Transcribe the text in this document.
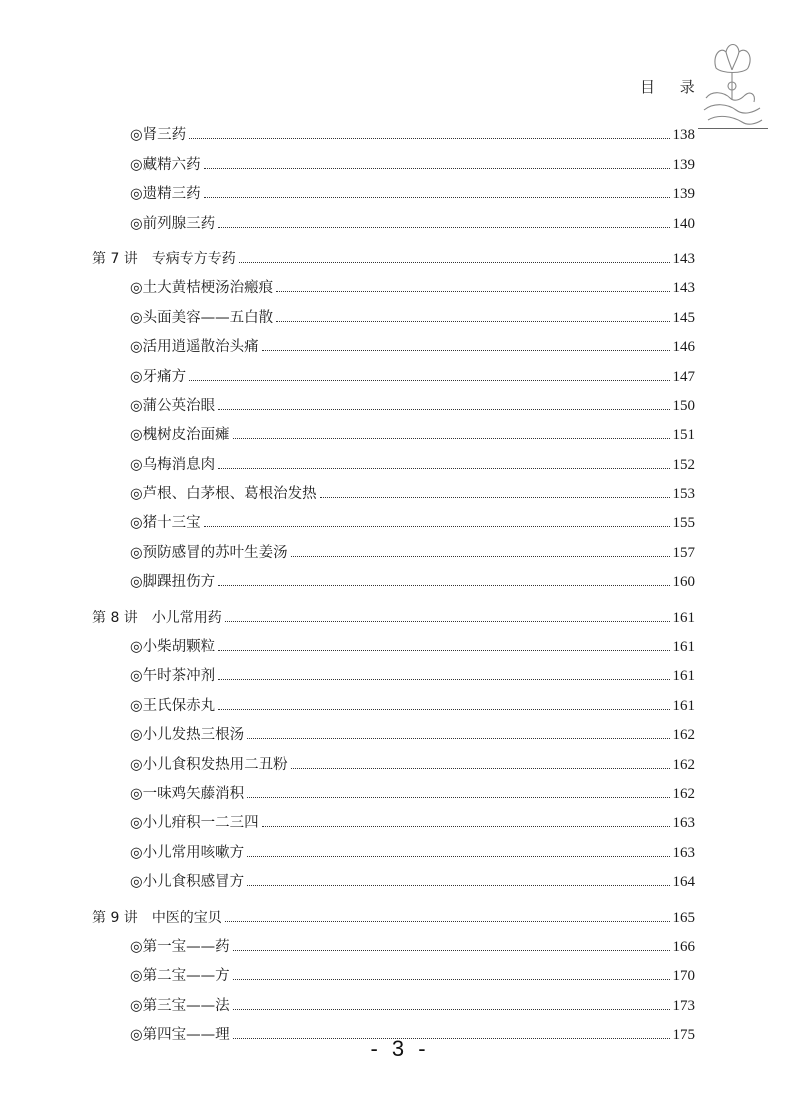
目 录
◎肾三药	138
◎藏精六药	139
◎遗精三药	139
◎前列腺三药	140
第 7 讲 专病专方专药	143
◎土大黄桔梗汤治瘢痕	143
◎头面美容——五白散	145
◎活用逍遥散治头痛	146
◎牙痛方	147
◎蒲公英治眼	150
◎槐树皮治面瘫	151
◎乌梅消息肉	152
◎芦根、白茅根、葛根治发热	153
◎猪十三宝	155
◎预防感冒的苏叶生姜汤	157
◎脚踝扭伤方	160
第 8 讲 小儿常用药	161
◎小柴胡颗粒	161
◎午时茶冲剂	161
◎王氏保赤丸	161
◎小儿发热三根汤	162
◎小儿食积发热用二丑粉	162
◎一味鸡矢藤消积	162
◎小儿疳积一二三四	163
◎小儿常用咳嗽方	163
◎小儿食积感冒方	164
第 9 讲 中医的宝贝	165
◎第一宝——药	166
◎第二宝——方	170
◎第三宝——法	173
◎第四宝——理	175
- 3 -
